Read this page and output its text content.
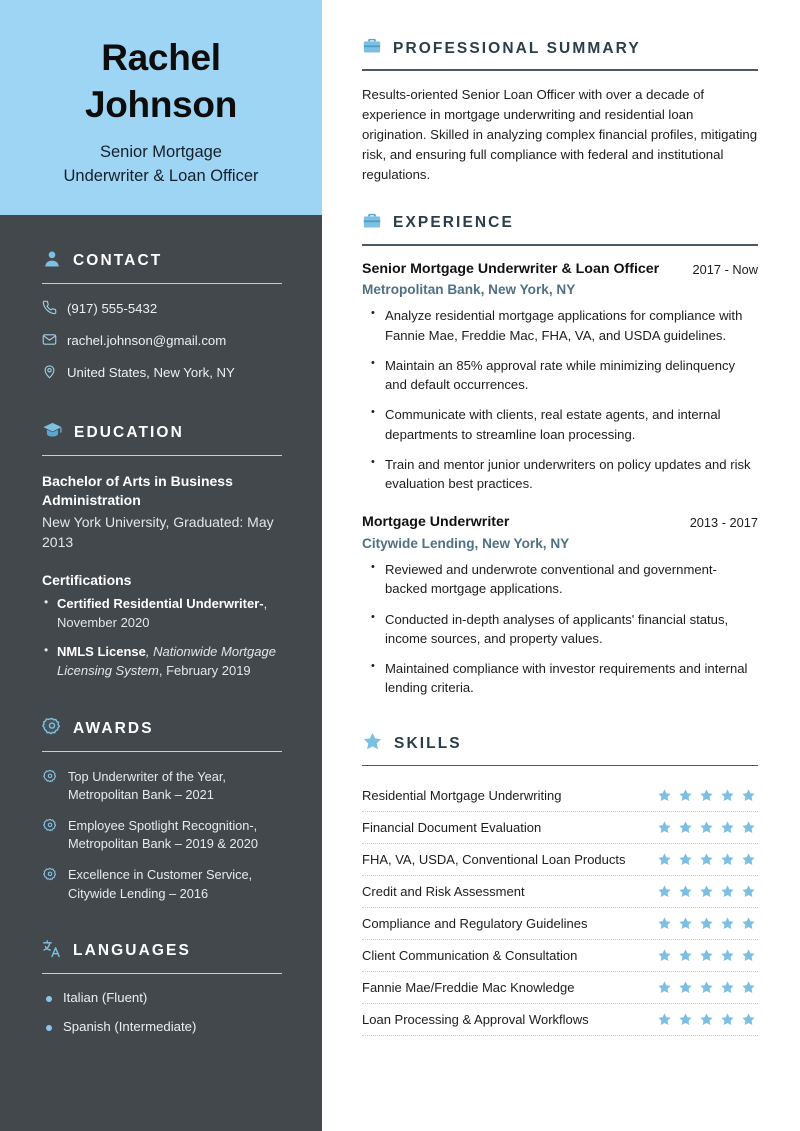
Rachel
Johnson
Senior Mortgage
Underwriter & Loan Officer
CONTACT
(917) 555-5432
rachel.johnson@gmail.com
United States, New York, NY
EDUCATION
Bachelor of Arts in Business Administration
New York University, Graduated: May 2013
Certifications
• Certified Residential Underwriter-, November 2020
• NMLS License, Nationwide Mortgage Licensing System, February 2019
AWARDS
Top Underwriter of the Year, Metropolitan Bank – 2021
Employee Spotlight Recognition-, Metropolitan Bank – 2019 & 2020
Excellence in Customer Service, Citywide Lending – 2016
LANGUAGES
Italian (Fluent)
Spanish (Intermediate)
PROFESSIONAL SUMMARY

Results-oriented Senior Loan Officer with over a decade of experience in mortgage underwriting and residential loan origination. Skilled in analyzing complex financial profiles, mitigating risk, and ensuring full compliance with federal and institutional regulations.

EXPERIENCE
Senior Mortgage Underwriter & Loan Officer	2017 - Now
Metropolitan Bank, New York, NY
• Analyze residential mortgage applications for compliance with Fannie Mae, Freddie Mac, FHA, VA, and USDA guidelines.
• Maintain an 85% approval rate while minimizing delinquency and default occurrences.
• Communicate with clients, real estate agents, and internal departments to streamline loan processing.
• Train and mentor junior underwriters on policy updates and risk evaluation best practices.
Mortgage Underwriter	2013 - 2017
Citywide Lending, New York, NY
• Reviewed and underwrote conventional and government-backed mortgage applications.
• Conducted in-depth analyses of applicants' financial status, income sources, and property values.
• Maintained compliance with investor requirements and internal lending criteria.
SKILLS
Residential Mortgage Underwriting
Financial Document Evaluation
FHA, VA, USDA, Conventional Loan Products
Credit and Risk Assessment
Compliance and Regulatory Guidelines
Client Communication & Consultation
Fannie Mae/Freddie Mac Knowledge
Loan Processing & Approval Workflows
